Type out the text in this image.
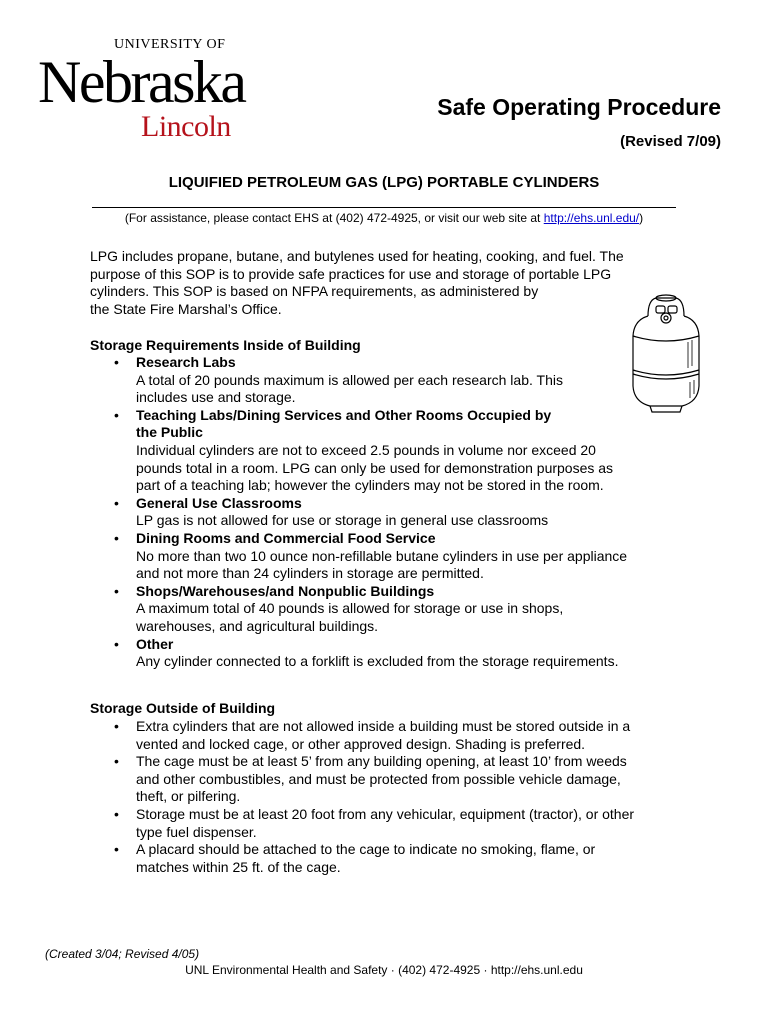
UNIVERSITY OF
Nebraska
Lincoln
Safe Operating Procedure
(Revised 7/09)
LIQUIFIED PETROLEUM GAS (LPG) PORTABLE CYLINDERS
(For assistance, please contact EHS at (402) 472-4925, or visit our web site at http://ehs.unl.edu/)
LPG includes propane, butane, and butylenes used for heating, cooking, and fuel. The
purpose of this SOP is to provide safe practices for use and storage of portable LPG
cylinders. This SOP is based on NFPA requirements, as administered by
the State Fire Marshal’s Office.
Storage Requirements Inside of Building
• Research Labs
A total of 20 pounds maximum is allowed per each research lab. This
includes use and storage.
• Teaching Labs/Dining Services and Other Rooms Occupied by
the Public
Individual cylinders are not to exceed 2.5 pounds in volume nor exceed 20
pounds total in a room. LPG can only be used for demonstration purposes as
part of a teaching lab; however the cylinders may not be stored in the room.
• General Use Classrooms
LP gas is not allowed for use or storage in general use classrooms
• Dining Rooms and Commercial Food Service
No more than two 10 ounce non-refillable butane cylinders in use per appliance
and not more than 24 cylinders in storage are permitted.
• Shops/Warehouses/and Nonpublic Buildings
A maximum total of 40 pounds is allowed for storage or use in shops,
warehouses, and agricultural buildings.
• Other
Any cylinder connected to a forklift is excluded from the storage requirements.
Storage Outside of Building
• Extra cylinders that are not allowed inside a building must be stored outside in a
vented and locked cage, or other approved design. Shading is preferred.
• The cage must be at least 5’ from any building opening, at least 10’ from weeds
and other combustibles, and must be protected from possible vehicle damage,
theft, or pilfering.
• Storage must be at least 20 foot from any vehicular, equipment (tractor), or other
type fuel dispenser.
• A placard should be attached to the cage to indicate no smoking, flame, or
matches within 25 ft. of the cage.
(Created 3/04; Revised 4/05)
UNL Environmental Health and Safety · (402) 472-4925 · http://ehs.unl.edu
